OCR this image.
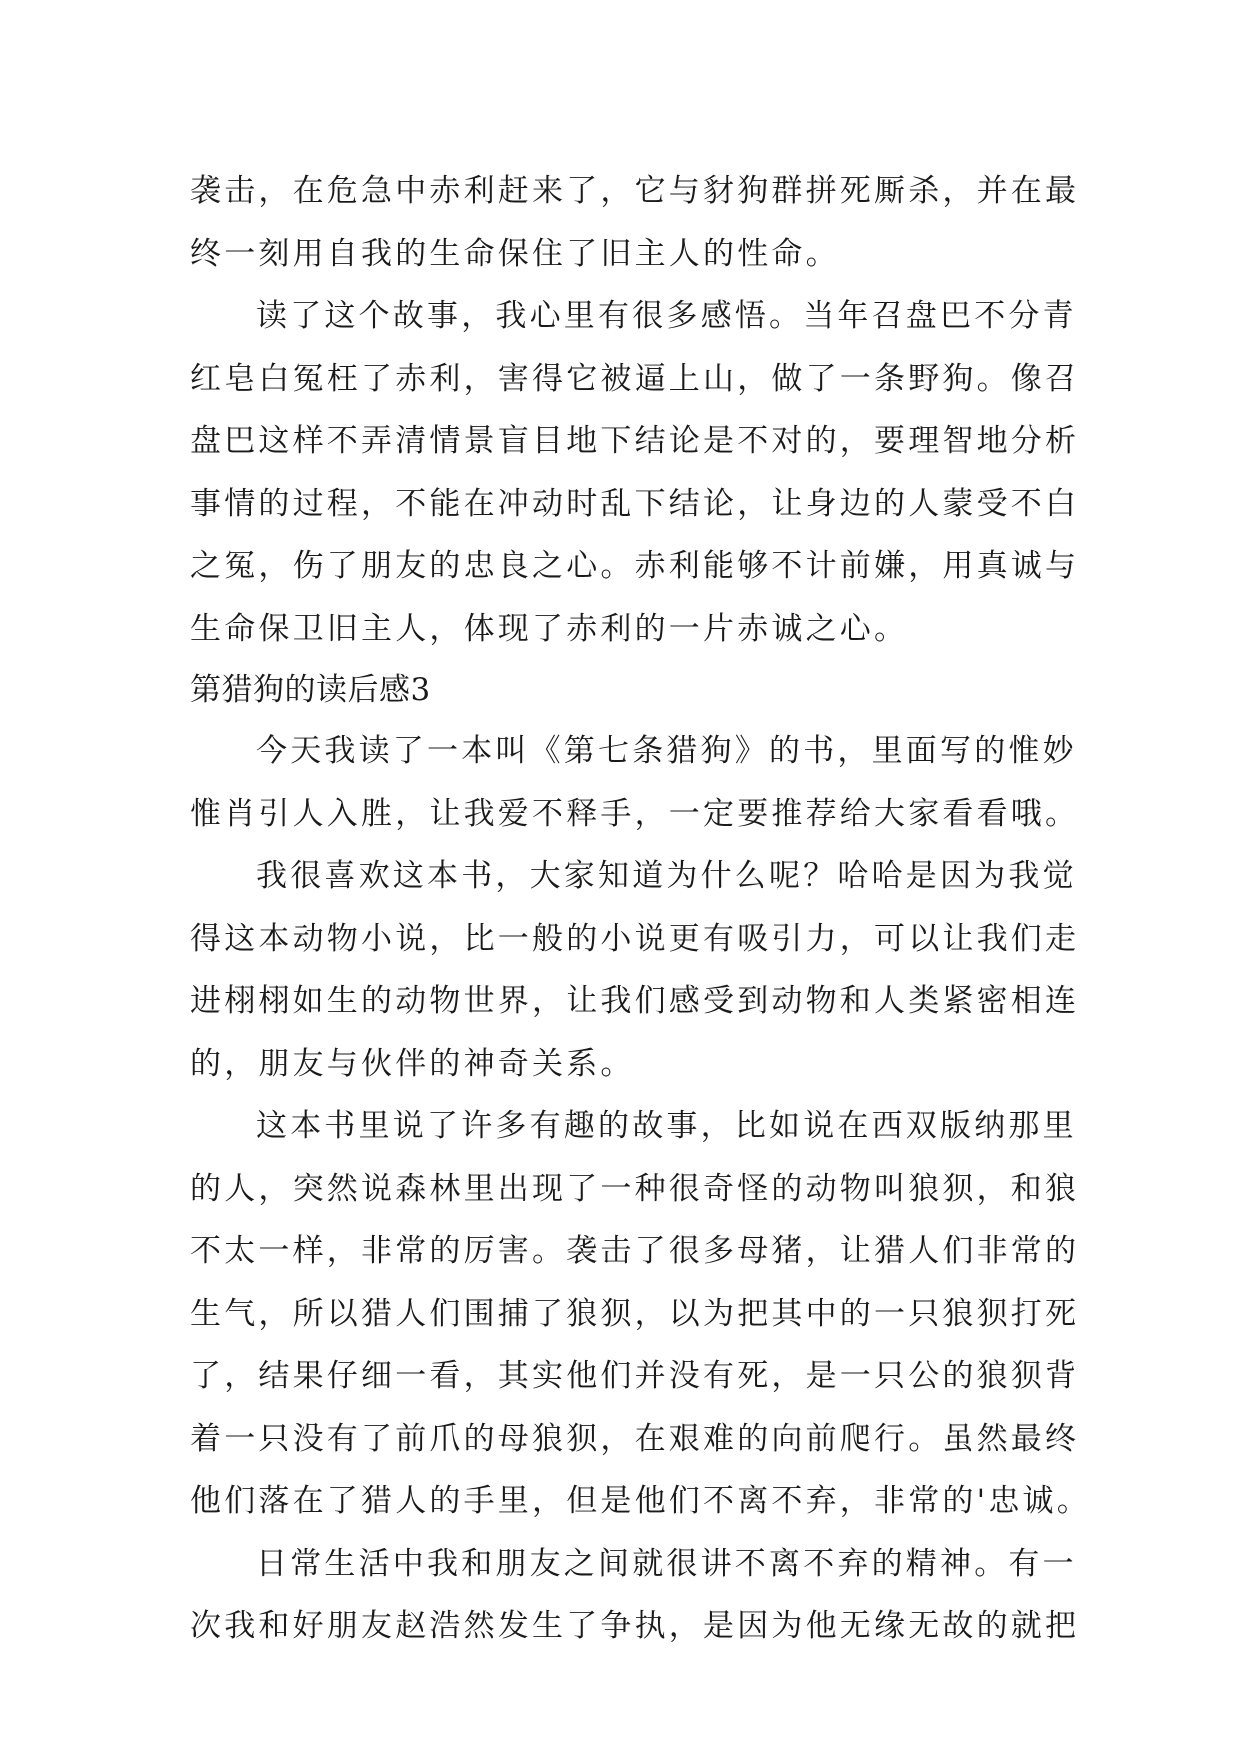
袭击，在危急中赤利赶来了，它与豺狗群拼死厮杀，并在最
终一刻用自我的生命保住了旧主人的性命。
读了这个故事，我心里有很多感悟。当年召盘巴不分青
红皂白冤枉了赤利，害得它被逼上山，做了一条野狗。像召
盘巴这样不弄清情景盲目地下结论是不对的，要理智地分析
事情的过程，不能在冲动时乱下结论，让身边的人蒙受不白
之冤，伤了朋友的忠良之心。赤利能够不计前嫌，用真诚与
生命保卫旧主人，体现了赤利的一片赤诚之心。
第猎狗的读后感3
今天我读了一本叫《第七条猎狗》的书，里面写的惟妙
惟肖引人入胜，让我爱不释手，一定要推荐给大家看看哦。
我很喜欢这本书，大家知道为什么呢？哈哈是因为我觉
得这本动物小说，比一般的小说更有吸引力，可以让我们走
进栩栩如生的动物世界，让我们感受到动物和人类紧密相连
的，朋友与伙伴的神奇关系。
这本书里说了许多有趣的故事，比如说在西双版纳那里
的人，突然说森林里出现了一种很奇怪的动物叫狼狈，和狼
不太一样，非常的厉害。袭击了很多母猪，让猎人们非常的
生气，所以猎人们围捕了狼狈，以为把其中的一只狼狈打死
了，结果仔细一看，其实他们并没有死，是一只公的狼狈背
着一只没有了前爪的母狼狈，在艰难的向前爬行。虽然最终
他们落在了猎人的手里，但是他们不离不弃，非常的'忠诚。
日常生活中我和朋友之间就很讲不离不弃的精神。有一
次我和好朋友赵浩然发生了争执，是因为他无缘无故的就把
